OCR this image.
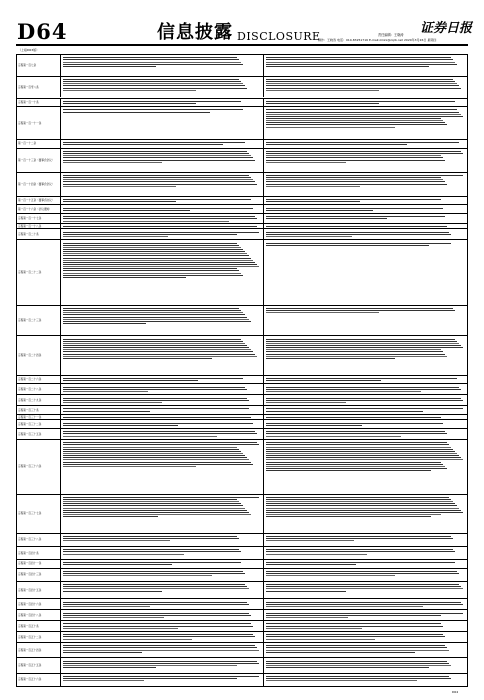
D64	信息披露 DISCLOSURE
证券日报
责任编辑：王晓涛
制作：王晓涛 电话：010-83251716 E-mail:zmzx@zqrb.net 2020年3月26日 星期四
（上接D63版）
章程第一百七条
章程第一百零八条
章程第一百一十条
章程第一百一十一条
第一百一十二条
第一百一十三条（董事会会议）
第一百一十四条（董事会会议）
第一百一十五条（董事会决议）
第一百一十六条（会议通知）
章程第一百一十七条
章程第一百一十八条
章程第一百二十条
章程第一百二十二条
章程第一百二十三条
章程第一百二十四条
章程第一百二十六条
章程第一百二十八条
章程第一百二十九条
章程第一百三十条
章程第一百三十一条
章程第一百三十二条
章程第一百三十五条
章程第一百三十六条
章程第一百三十七条
章程第一百三十八条
章程第一百四十条
章程第一百四十一条
章程第一百四十三条
章程第一百四十五条
章程第一百四十六条
章程第一百四十八条
章程第一百五十条
章程第一百五十二条
章程第一百五十四条
章程第一百五十五条
章程第一百五十六条
D64
